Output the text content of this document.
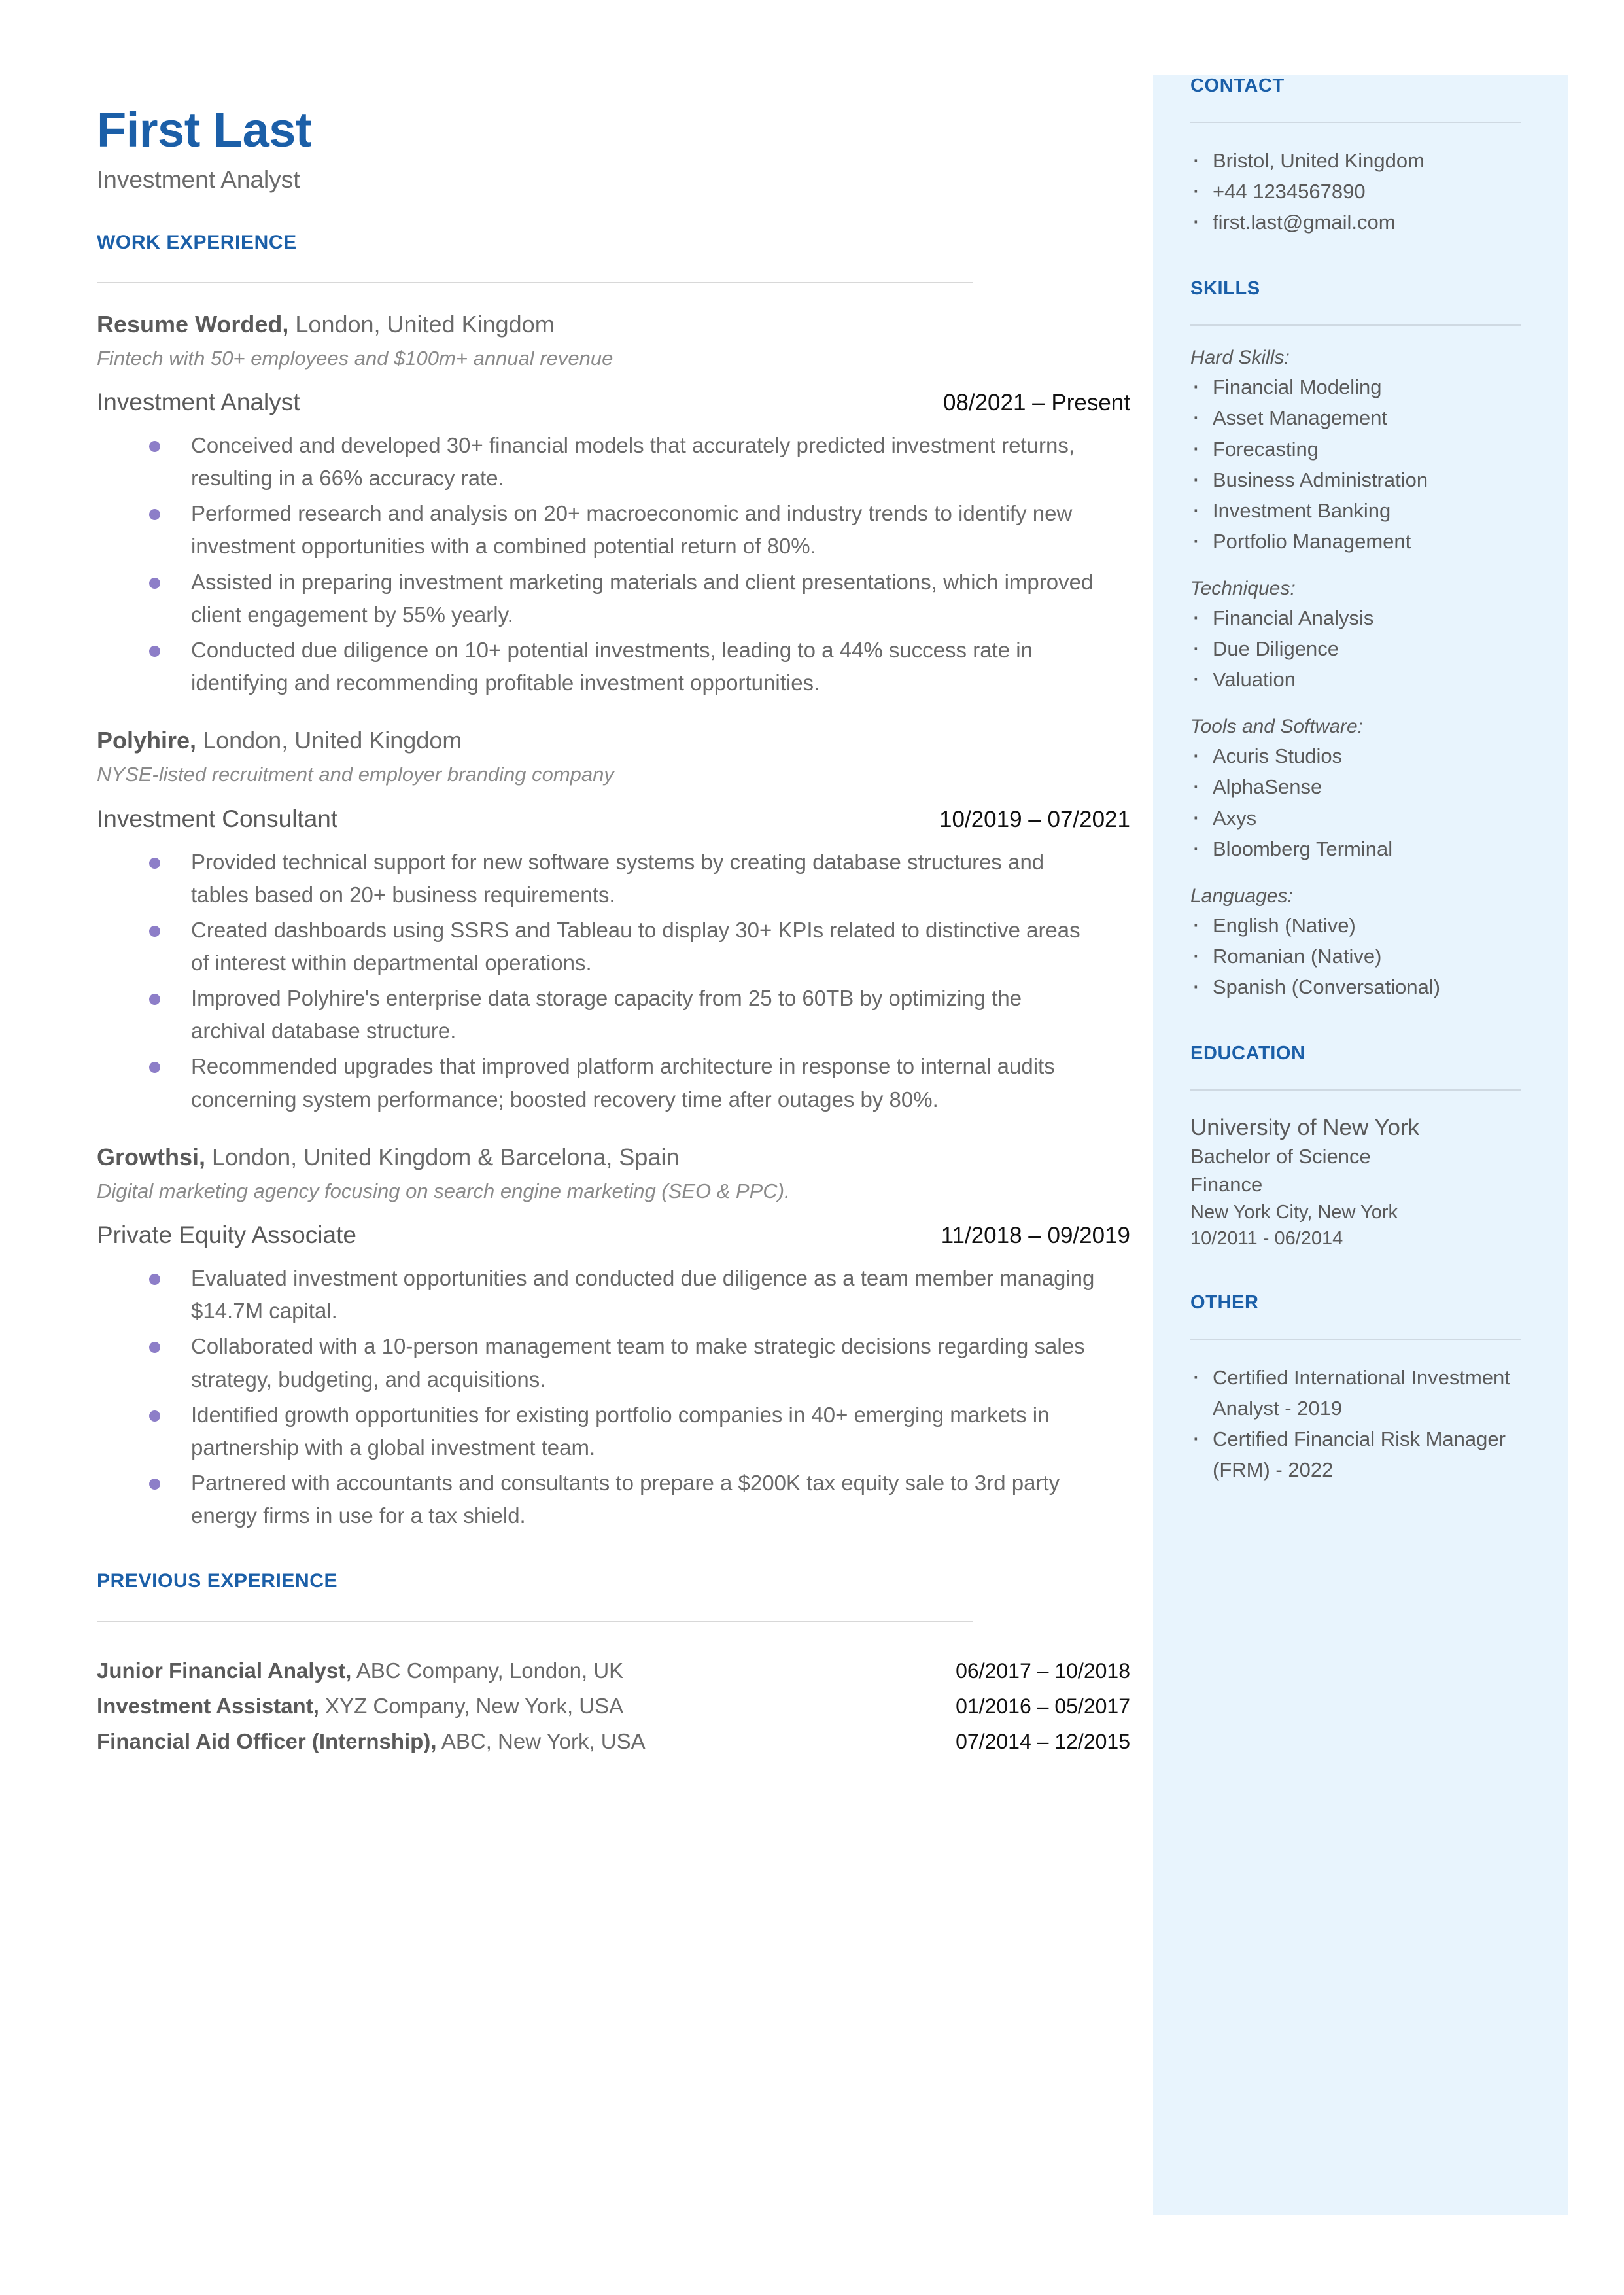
First Last
Investment Analyst
WORK EXPERIENCE
Resume Worded, London, United Kingdom
Fintech with 50+ employees and $100m+ annual revenue
Investment Analyst	08/2021 – Present
Conceived and developed 30+ financial models that accurately predicted investment returns, resulting in a 66% accuracy rate.
Performed research and analysis on 20+ macroeconomic and industry trends to identify new investment opportunities with a combined potential return of 80%.
Assisted in preparing investment marketing materials and client presentations, which improved client engagement by 55% yearly.
Conducted due diligence on 10+ potential investments, leading to a 44% success rate in identifying and recommending profitable investment opportunities.
Polyhire, London, United Kingdom
NYSE-listed recruitment and employer branding company
Investment Consultant	10/2019 – 07/2021
Provided technical support for new software systems by creating database structures and tables based on 20+ business requirements.
Created dashboards using SSRS and Tableau to display 30+ KPIs related to distinctive areas of interest within departmental operations.
Improved Polyhire's enterprise data storage capacity from 25 to 60TB by optimizing the archival database structure.
Recommended upgrades that improved platform architecture in response to internal audits concerning system performance; boosted recovery time after outages by 80%.
Growthsi, London, United Kingdom & Barcelona, Spain
Digital marketing agency focusing on search engine marketing (SEO & PPC).
Private Equity Associate	11/2018 – 09/2019
Evaluated investment opportunities and conducted due diligence as a team member managing $14.7M capital.
Collaborated with a 10-person management team to make strategic decisions regarding sales strategy, budgeting, and acquisitions.
Identified growth opportunities for existing portfolio companies in 40+ emerging markets in partnership with a global investment team.
Partnered with accountants and consultants to prepare a $200K tax equity sale to 3rd party energy firms in use for a tax shield.
PREVIOUS EXPERIENCE
Junior Financial Analyst, ABC Company, London, UK	06/2017 – 10/2018
Investment Assistant, XYZ Company, New York, USA	01/2016 – 05/2017
Financial Aid Officer (Internship), ABC, New York, USA	07/2014 – 12/2015
CONTACT
· Bristol, United Kingdom
· +44 1234567890
· first.last@gmail.com
SKILLS
Hard Skills:
· Financial Modeling
· Asset Management
· Forecasting
· Business Administration
· Investment Banking
· Portfolio Management
Techniques:
· Financial Analysis
· Due Diligence
· Valuation
Tools and Software:
· Acuris Studios
· AlphaSense
· Axys
· Bloomberg Terminal
Languages:
· English (Native)
· Romanian (Native)
· Spanish (Conversational)
EDUCATION
University of New York
Bachelor of Science
Finance
New York City, New York
10/2011 - 06/2014
OTHER
· Certified International Investment Analyst - 2019
· Certified Financial Risk Manager (FRM) - 2022
